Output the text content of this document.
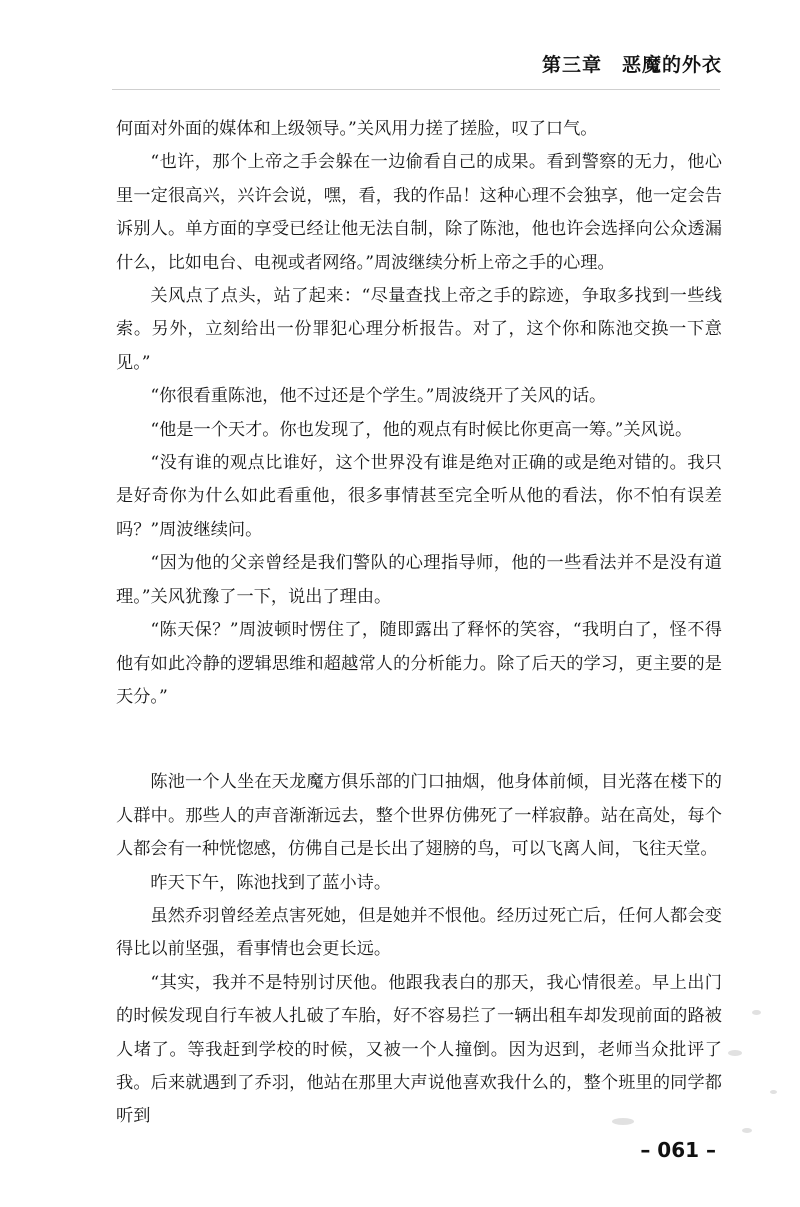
第三章　恶魔的外衣

何面对外面的媒体和上级领导。”关风用力搓了搓脸，叹了口气。

“也许，那个上帝之手会躲在一边偷看自己的成果。看到警察的无力，他心里一定很高兴，兴许会说，嘿，看，我的作品！这种心理不会独享，他一定会告诉别人。单方面的享受已经让他无法自制，除了陈池，他也许会选择向公众透漏什么，比如电台、电视或者网络。”周波继续分析上帝之手的心理。

关风点了点头，站了起来：“尽量查找上帝之手的踪迹，争取多找到一些线索。另外，立刻给出一份罪犯心理分析报告。对了，这个你和陈池交换一下意见。”

“你很看重陈池，他不过还是个学生。”周波绕开了关风的话。

“他是一个天才。你也发现了，他的观点有时候比你更高一筹。”关风说。

“没有谁的观点比谁好，这个世界没有谁是绝对正确的或是绝对错的。我只是好奇你为什么如此看重他，很多事情甚至完全听从他的看法，你不怕有误差吗？”周波继续问。

“因为他的父亲曾经是我们警队的心理指导师，他的一些看法并不是没有道理。”关风犹豫了一下，说出了理由。

“陈天保？”周波顿时愣住了，随即露出了释怀的笑容，“我明白了，怪不得他有如此冷静的逻辑思维和超越常人的分析能力。除了后天的学习，更主要的是天分。”

陈池一个人坐在天龙魔方俱乐部的门口抽烟，他身体前倾，目光落在楼下的人群中。那些人的声音渐渐远去，整个世界仿佛死了一样寂静。站在高处，每个人都会有一种恍惚感，仿佛自己是长出了翅膀的鸟，可以飞离人间，飞往天堂。

昨天下午，陈池找到了蓝小诗。

虽然乔羽曾经差点害死她，但是她并不恨他。经历过死亡后，任何人都会变得比以前坚强，看事情也会更长远。

“其实，我并不是特别讨厌他。他跟我表白的那天，我心情很差。早上出门的时候发现自行车被人扎破了车胎，好不容易拦了一辆出租车却发现前面的路被人堵了。等我赶到学校的时候，又被一个人撞倒。因为迟到，老师当众批评了我。后来就遇到了乔羽，他站在那里大声说他喜欢我什么的，整个班里的同学都听到

– 061 –
